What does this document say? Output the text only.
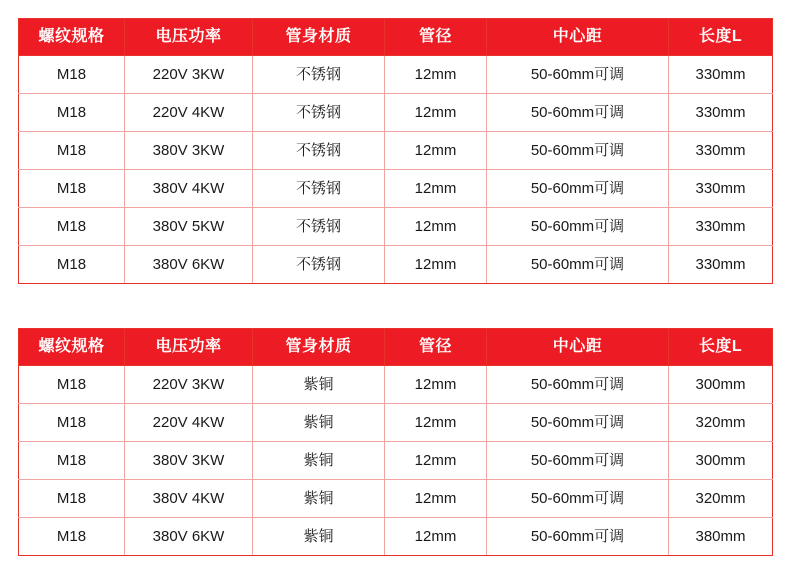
螺纹规格	电压功率	管身材质	管径	中心距	长度L
M18	220V 3KW	不锈钢	12mm	50-60mm可调	330mm
M18	220V 4KW	不锈钢	12mm	50-60mm可调	330mm
M18	380V 3KW	不锈钢	12mm	50-60mm可调	330mm
M18	380V 4KW	不锈钢	12mm	50-60mm可调	330mm
M18	380V 5KW	不锈钢	12mm	50-60mm可调	330mm
M18	380V 6KW	不锈钢	12mm	50-60mm可调	330mm
螺纹规格	电压功率	管身材质	管径	中心距	长度L
M18	220V 3KW	紫铜	12mm	50-60mm可调	300mm
M18	220V 4KW	紫铜	12mm	50-60mm可调	320mm
M18	380V 3KW	紫铜	12mm	50-60mm可调	300mm
M18	380V 4KW	紫铜	12mm	50-60mm可调	320mm
M18	380V 6KW	紫铜	12mm	50-60mm可调	380mm
